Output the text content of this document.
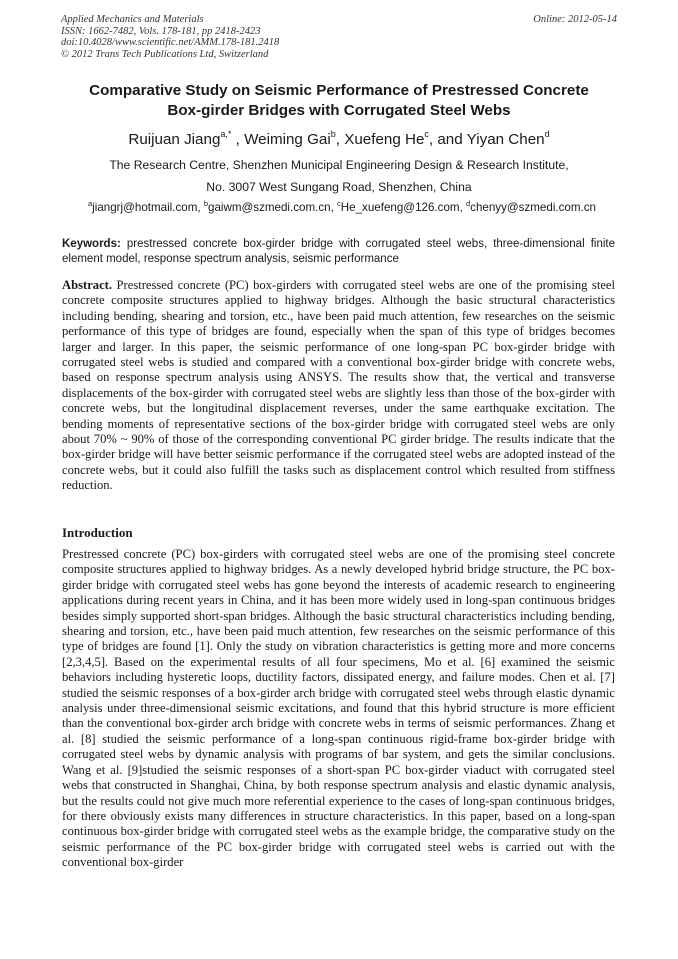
Applied Mechanics and Materials
ISSN: 1662-7482, Vols. 178-181, pp 2418-2423
doi:10.4028/www.scientific.net/AMM.178-181.2418
© 2012 Trans Tech Publications Ltd, Switzerland
Online: 2012-05-14
Comparative Study on Seismic Performance of Prestressed Concrete
Box-girder Bridges with Corrugated Steel Webs
Ruijuan Jiang$^{a,*}$ , Weiming Gai$^b$, Xuefeng He$^c$, and Yiyan Chen$^d$
The Research Centre, Shenzhen Municipal Engineering Design & Research Institute,
No. 3007 West Sungang Road, Shenzhen, China
$^a$jiangrj@hotmail.com, $^b$gaiwm@szmedi.com.cn, $^c$He_xuefeng@126.com, $^d$chenyy@szmedi.com.cn
Keywords: prestressed concrete box-girder bridge with corrugated steel webs, three-dimensional finite element model, response spectrum analysis, seismic performance
Abstract. Prestressed concrete (PC) box-girders with corrugated steel webs are one of the promising steel concrete composite structures applied to highway bridges. Although the basic structural characteristics including bending, shearing and torsion, etc., have been paid much attention, few researches on the seismic performance of this type of bridges are found, especially when the span of this type of bridges becomes larger and larger. In this paper, the seismic performance of one long-span PC box-girder bridge with corrugated steel webs is studied and compared with a conventional box-girder bridge with concrete webs, based on response spectrum analysis using ANSYS. The results show that, the vertical and transverse displacements of the box-girder with corrugated steel webs are slightly less than those of the box-girder with concrete webs, but the longitudinal displacement reverses, under the same earthquake excitation. The bending moments of representative sections of the box-girder bridge with corrugated steel webs are only about 70% ~ 90% of those of the corresponding conventional PC girder bridge. The results indicate that the box-girder bridge will have better seismic performance if the corrugated steel webs are adopted instead of the concrete webs, but it could also fulfill the tasks such as displacement control which resulted from stiffness reduction.
Introduction
Prestressed concrete (PC) box-girders with corrugated steel webs are one of the promising steel concrete composite structures applied to highway bridges. As a newly developed hybrid bridge structure, the PC box-girder bridge with corrugated steel webs has gone beyond the interests of academic research to engineering applications during recent years in China, and it has been more widely used in long-span continuous bridges besides simply supported short-span bridges. Although the basic structural characteristics including bending, shearing and torsion, etc., have been paid much attention, few researches on the seismic performance of this type of bridges are found [1]. Only the study on vibration characteristics is getting more and more concerns [2,3,4,5]. Based on the experimental results of all four specimens, Mo et al. [6] examined the seismic behaviors including hysteretic loops, ductility factors, dissipated energy, and failure modes. Chen et al. [7] studied the seismic responses of a box-girder arch bridge with corrugated steel webs through elastic dynamic analysis under three-dimensional seismic excitations, and found that this hybrid structure is more efficient than the conventional box-girder arch bridge with concrete webs in terms of seismic performances. Zhang et al. [8] studied the seismic performance of a long-span continuous rigid-frame box-girder bridge with corrugated steel webs by dynamic analysis with programs of bar system, and gets the similar conclusions. Wang et al. [9]studied the seismic responses of a short-span PC box-girder viaduct with corrugated steel webs that constructed in Shanghai, China, by both response spectrum analysis and elastic dynamic analysis, but the results could not give much more referential experience to the cases of long-span continuous bridges, for there obviously exists many differences in structure characteristics. In this paper, based on a long-span continuous box-girder bridge with corrugated steel webs as the example bridge, the comparative study on the seismic performance of the PC box-girder bridge with corrugated steel webs is carried out with the conventional box-girder
